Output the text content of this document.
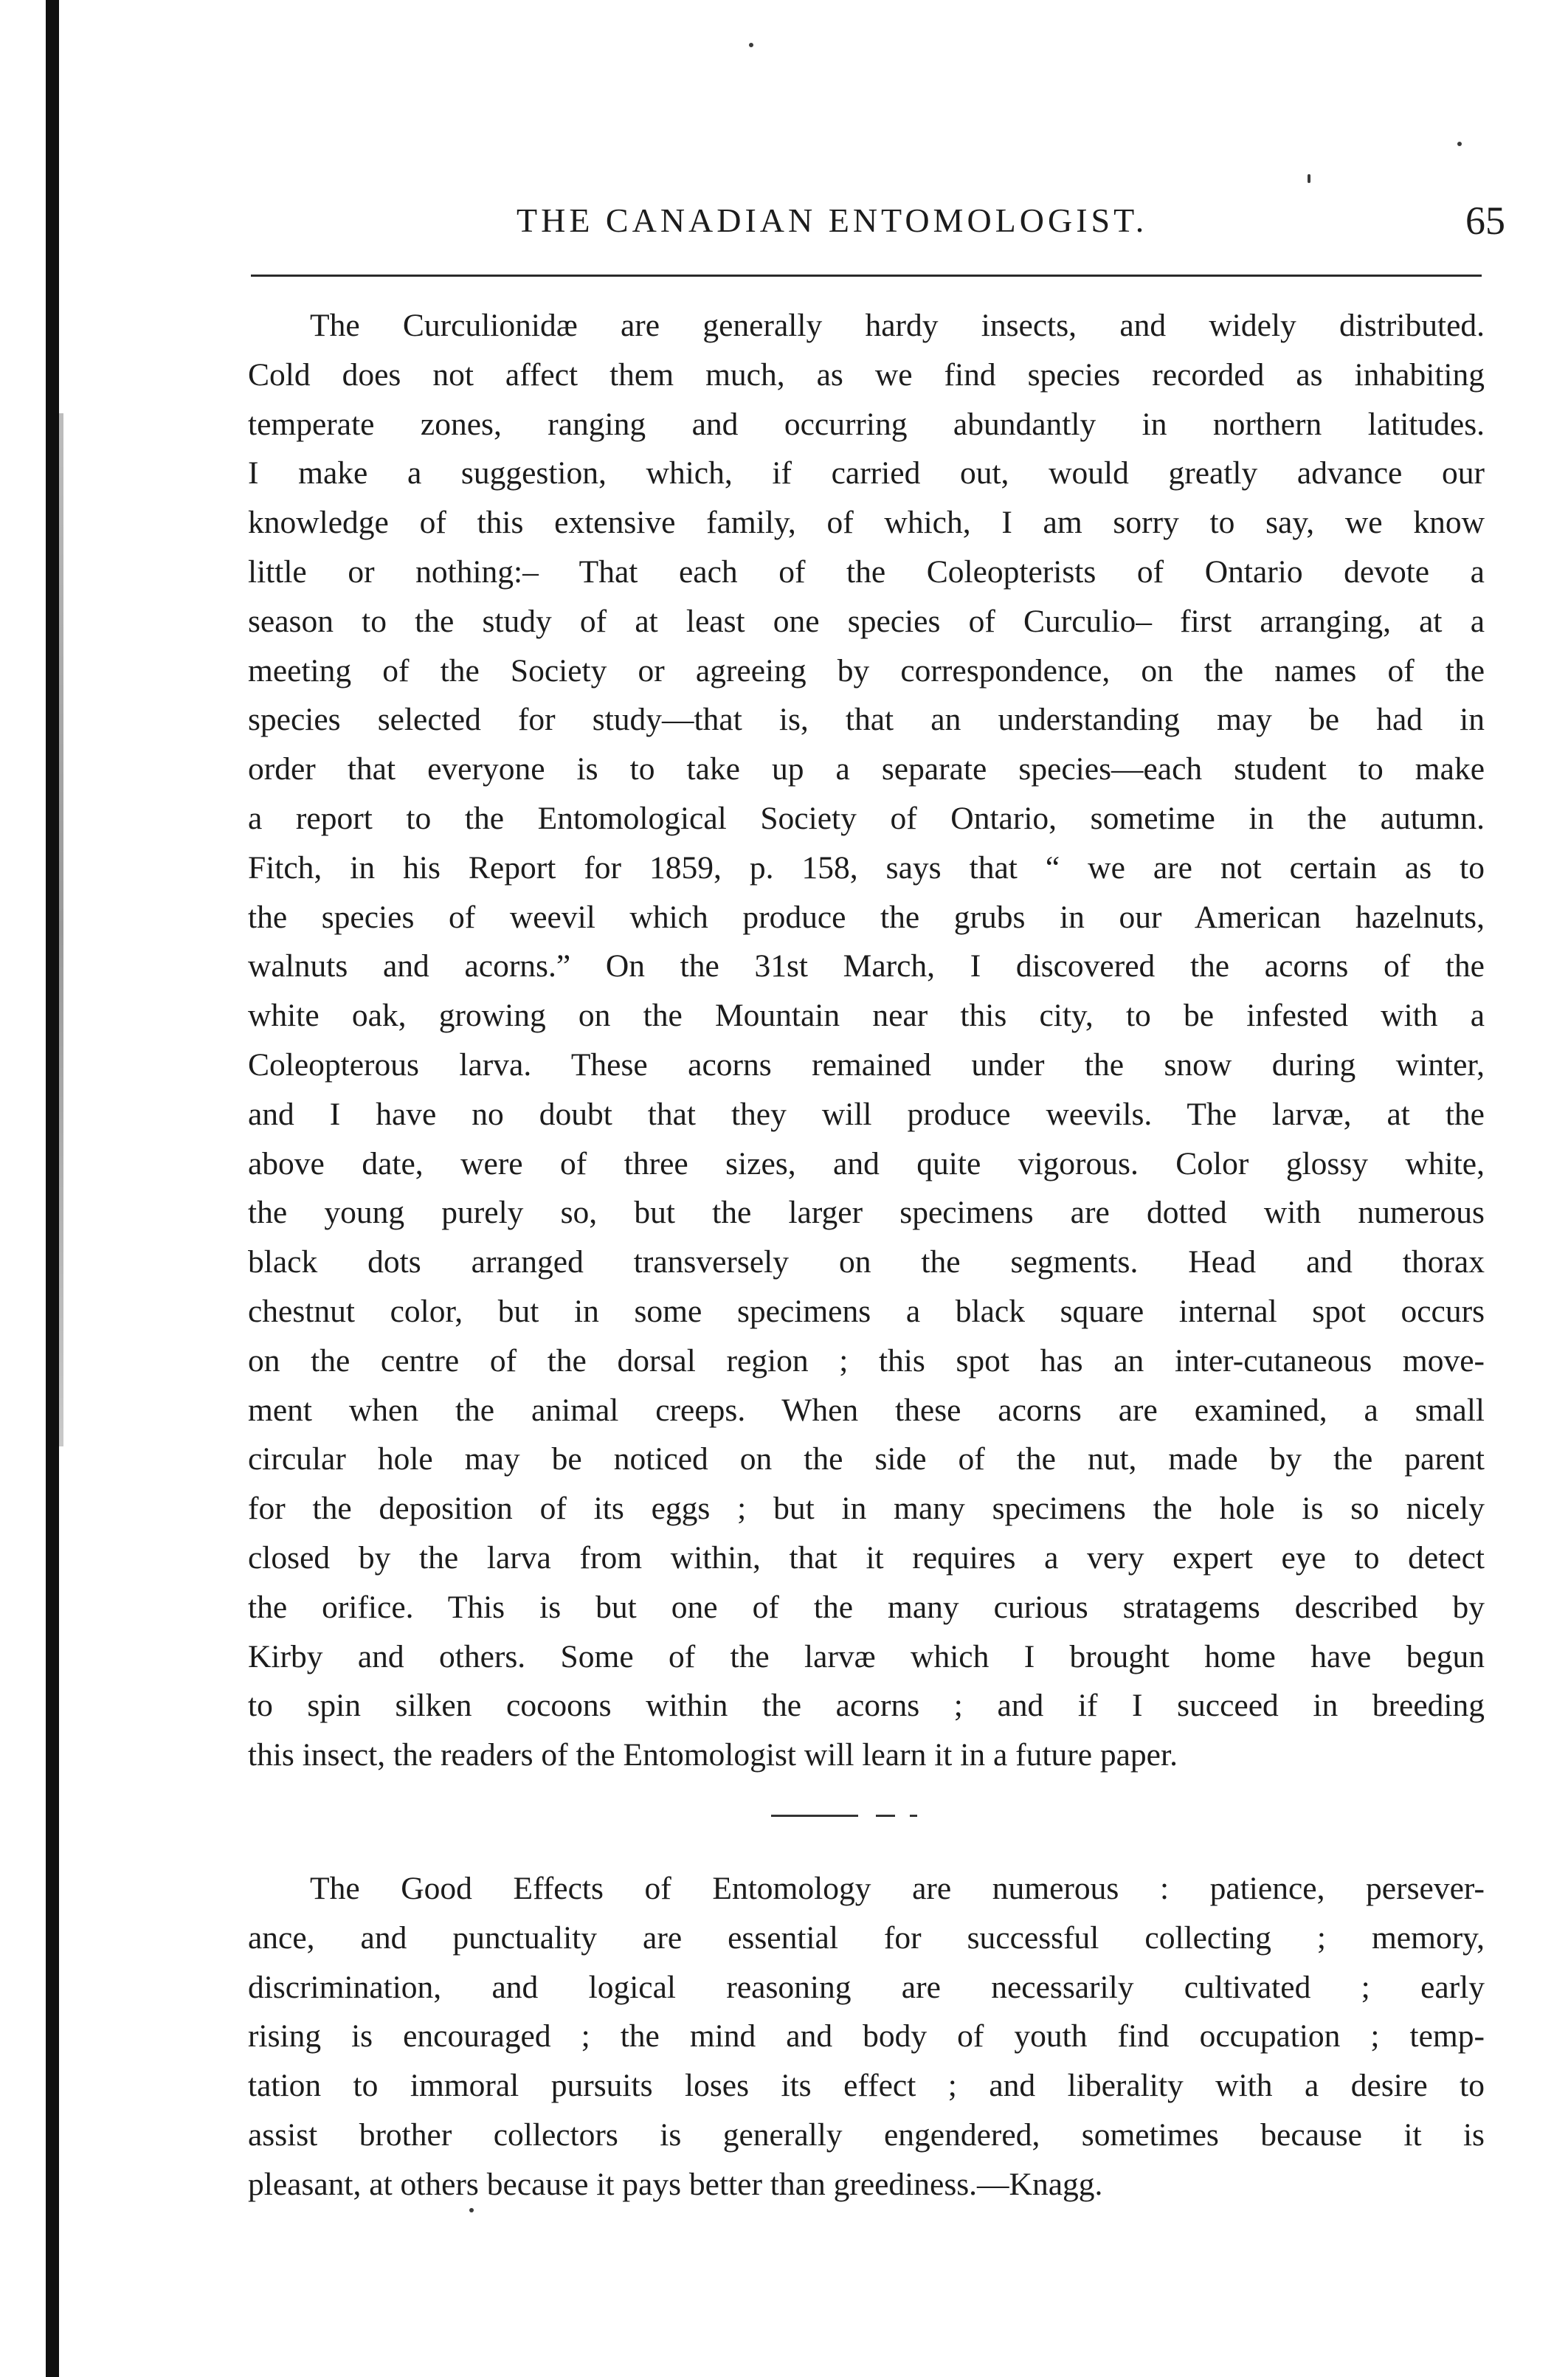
THE CANADIAN ENTOMOLOGIST.	65
The Curculionidæ are generally hardy insects, and widely distributed.
Cold does not affect them much, as we find species recorded as inhabiting
temperate zones, ranging and occurring abundantly in northern latitudes.
I make a suggestion, which, if carried out, would greatly advance our
knowledge of this extensive family, of which, I am sorry to say, we know
little or nothing:– That each of the Coleopterists of Ontario devote a
season to the study of at least one species of Curculio– first arranging, at a
meeting of the Society or agreeing by correspondence, on the names of the
species selected for study—that is, that an understanding may be had in
order that everyone is to take up a separate species—each student to make
a report to the Entomological Society of Ontario, sometime in the autumn.
Fitch, in his Report for 1859, p. 158, says that “ we are not certain as to
the species of weevil which produce the grubs in our American hazelnuts,
walnuts and acorns.” On the 31st March, I discovered the acorns of the
white oak, growing on the Mountain near this city, to be infested with a
Coleopterous larva. These acorns remained under the snow during winter,
and I have no doubt that they will produce weevils. The larvæ, at the
above date, were of three sizes, and quite vigorous. Color glossy white,
the young purely so, but the larger specimens are dotted with numerous
black dots arranged transversely on the segments. Head and thorax
chestnut color, but in some specimens a black square internal spot occurs
on the centre of the dorsal region ; this spot has an inter-cutaneous move-
ment when the animal creeps. When these acorns are examined, a small
circular hole may be noticed on the side of the nut, made by the parent
for the deposition of its eggs ; but in many specimens the hole is so nicely
closed by the larva from within, that it requires a very expert eye to detect
the orifice. This is but one of the many curious stratagems described by
Kirby and others. Some of the larvæ which I brought home have begun
to spin silken cocoons within the acorns ; and if I succeed in breeding
this insect, the readers of the Entomologist will learn it in a future paper.
The Good Effects of Entomology are numerous : patience, persever-
ance, and punctuality are essential for successful collecting ; memory,
discrimination, and logical reasoning are necessarily cultivated ; early
rising is encouraged ; the mind and body of youth find occupation ; temp-
tation to immoral pursuits loses its effect ; and liberality with a desire to
assist brother collectors is generally engendered, sometimes because it is
pleasant, at others because it pays better than greediness.—Knagg.
